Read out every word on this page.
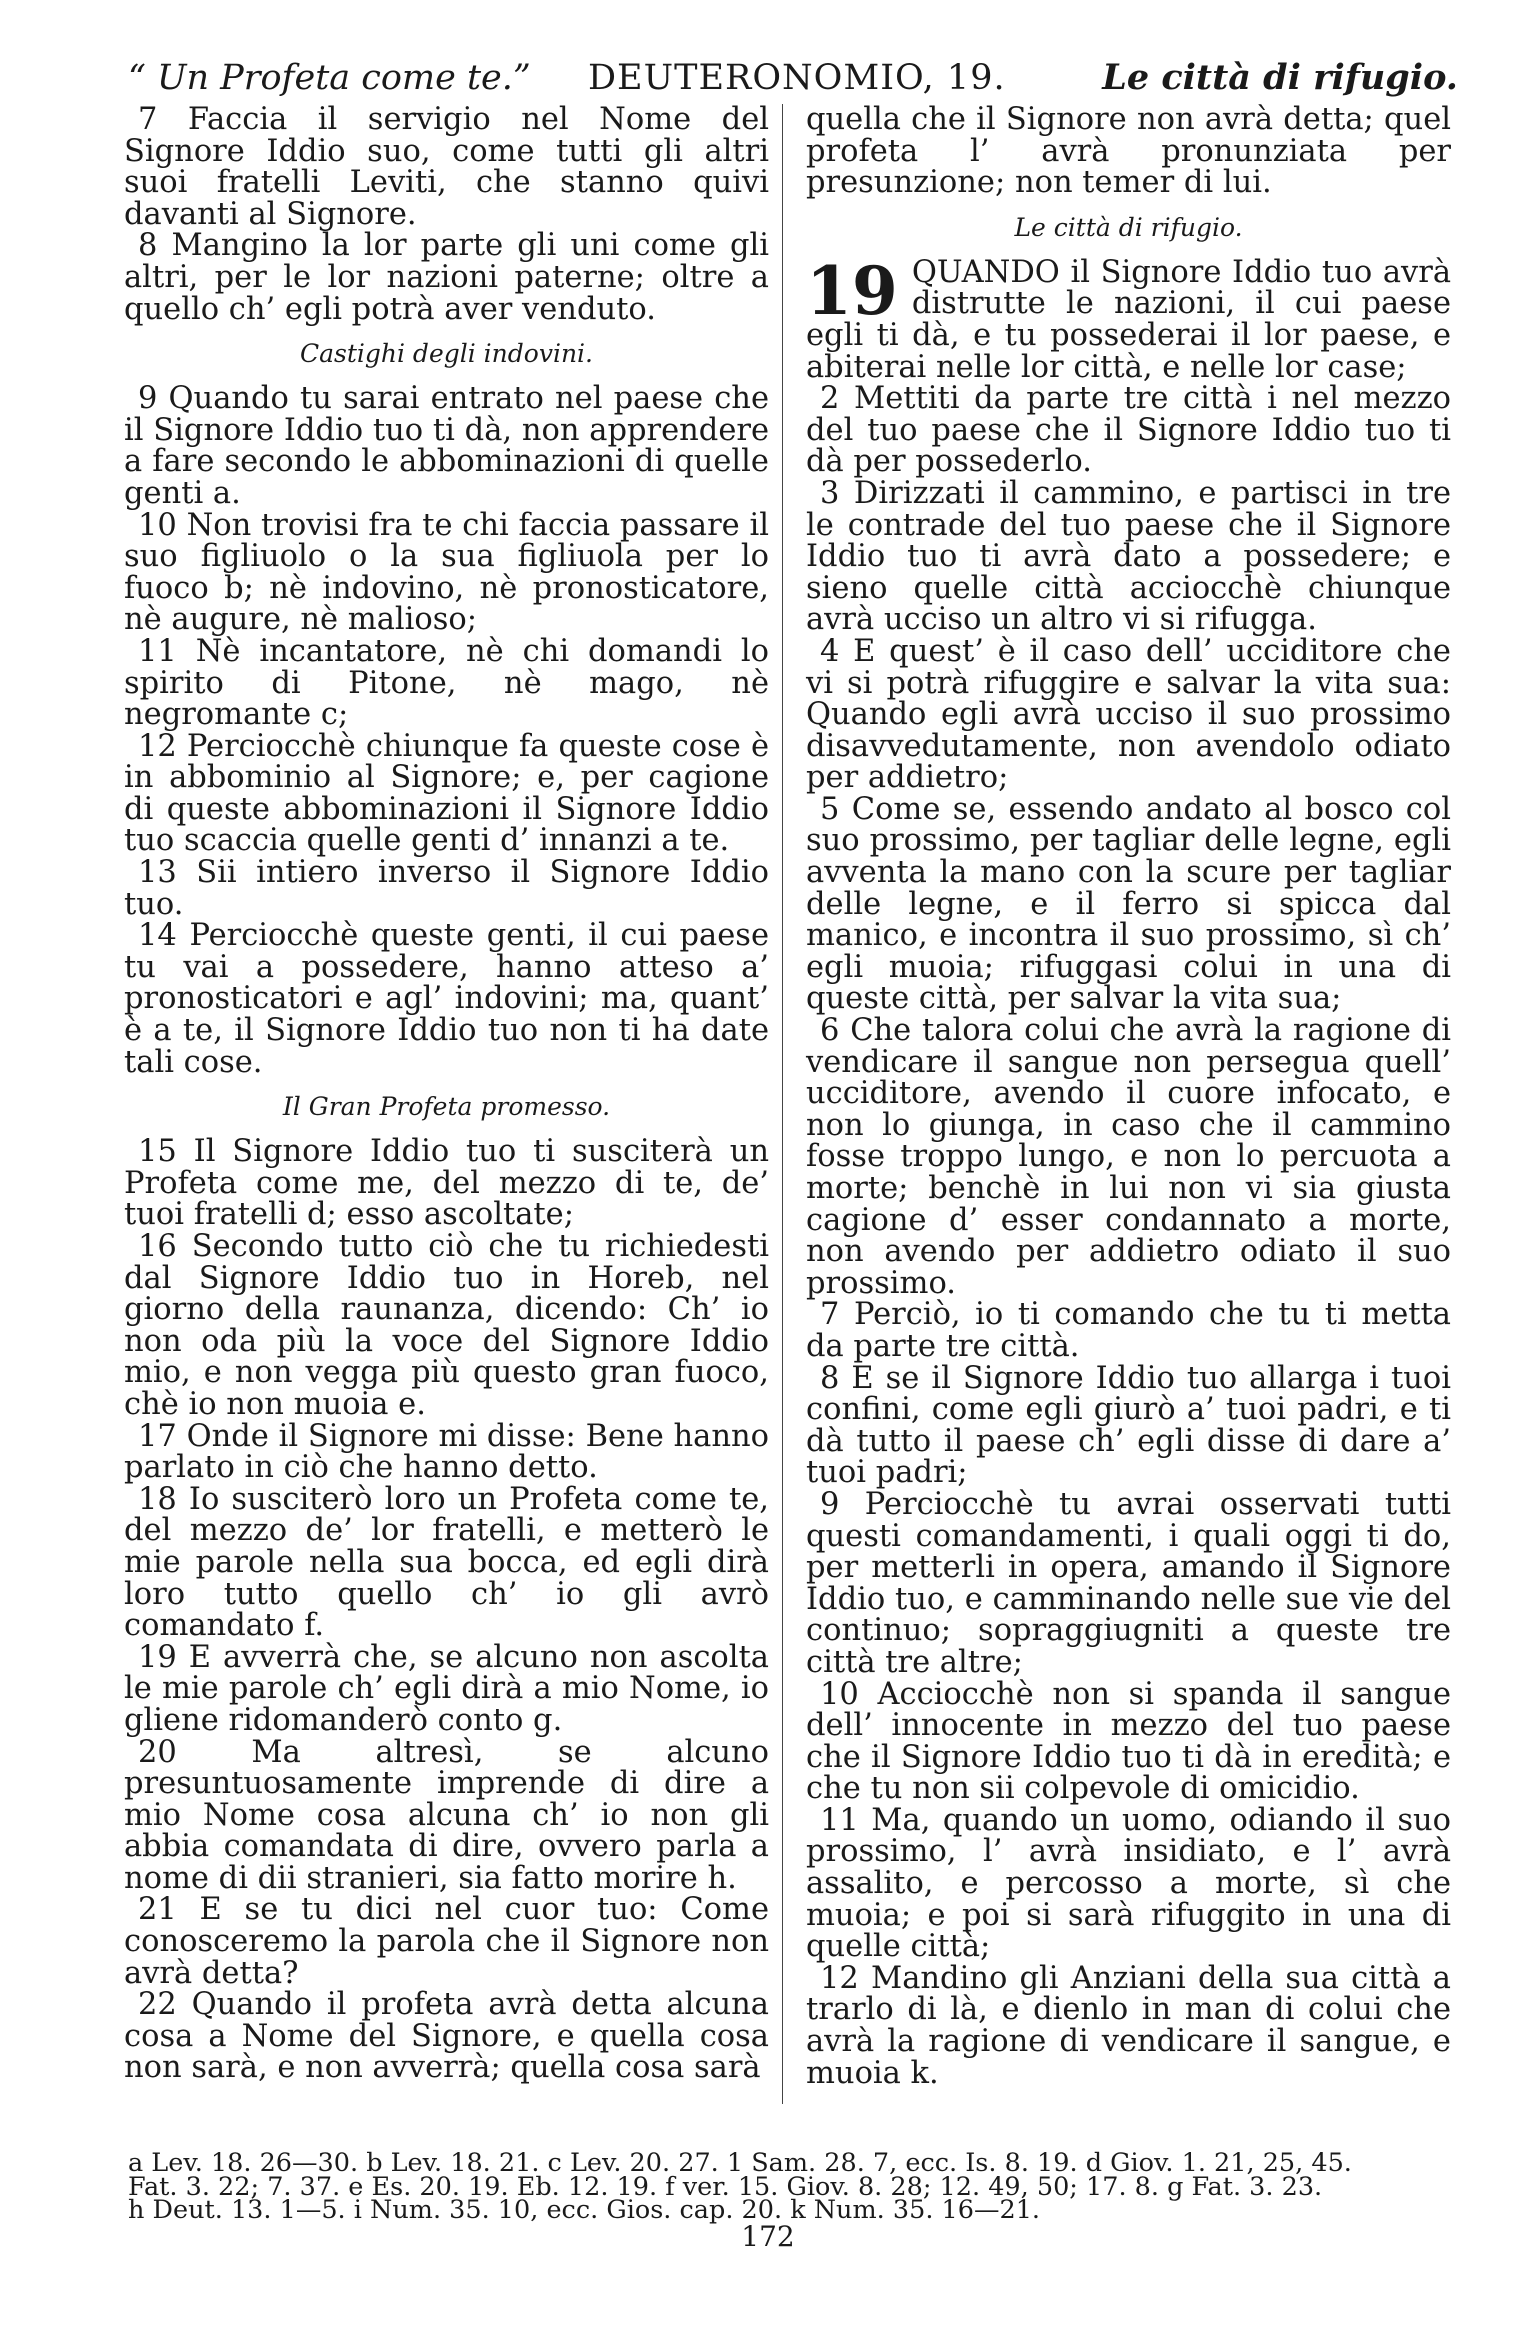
“ Un Profeta come te.” DEUTERONOMIO, 19.	Le città di rifugio.

7 Faccia il servigio nel Nome del Signore Iddio suo, come tutti gli altri suoi fratelli Leviti, che stanno quivi davanti al Signore.

8 Mangino la lor parte gli uni come gli altri, per le lor nazioni paterne; oltre a quello ch’ egli potrà aver venduto.

Castighi degli indovini.

9 Quando tu sarai entrato nel paese che il Signore Iddio tuo ti dà, non apprendere a fare secondo le abbominazioni di quelle genti a.

10 Non trovisi fra te chi faccia passare il suo figliuolo o la sua figliuola per lo fuoco b; nè indovino, nè pronosticatore, nè augure, nè malioso;

11 Nè incantatore, nè chi domandi lo spirito di Pitone, nè mago, nè negromante c;

12 Perciocchè chiunque fa queste cose è in abbominio al Signore; e, per cagione di queste abbominazioni il Signore Iddio tuo scaccia quelle genti d’ innanzi a te.

13 Sii intiero inverso il Signore Iddio tuo.

14 Perciocchè queste genti, il cui paese tu vai a possedere, hanno atteso a’ pronosticatori e agl’ indovini; ma, quant’ è a te, il Signore Iddio tuo non ti ha date tali cose.

Il Gran Profeta promesso.

15 Il Signore Iddio tuo ti susciterà un Profeta come me, del mezzo di te, de’ tuoi fratelli d; esso ascoltate;

16 Secondo tutto ciò che tu richiedesti dal Signore Iddio tuo in Horeb, nel giorno della raunanza, dicendo: Ch’ io non oda più la voce del Signore Iddio mio, e non vegga più questo gran fuoco, chè io non muoia e.

17 Onde il Signore mi disse: Bene hanno parlato in ciò che hanno detto.

18 Io susciterò loro un Profeta come te, del mezzo de’ lor fratelli, e metterò le mie parole nella sua bocca, ed egli dirà loro tutto quello ch’ io gli avrò comandato f.

19 E avverrà che, se alcuno non ascolta le mie parole ch’ egli dirà a mio Nome, io gliene ridomanderò conto g.

20 Ma altresì, se alcuno presuntuosamente imprende di dire a mio Nome cosa alcuna ch’ io non gli abbia comandata di dire, ovvero parla a nome di dii stranieri, sia fatto morire h.

21 E se tu dici nel cuor tuo: Come conosceremo la parola che il Signore non avrà detta?

22 Quando il profeta avrà detta alcuna cosa a Nome del Signore, e quella cosa non sarà, e non avverrà; quella cosa sarà

quella che il Signore non avrà detta; quel profeta l’ avrà pronunziata per presunzione; non temer di lui.

Le città di rifugio.

19 QUANDO il Signore Iddio tuo avrà distrutte le nazioni, il cui paese egli ti dà, e tu possederai il lor paese, e abiterai nelle lor città, e nelle lor case;

2 Mettiti da parte tre città i nel mezzo del tuo paese che il Signore Iddio tuo ti dà per possederlo.

3 Dirizzati il cammino, e partisci in tre le contrade del tuo paese che il Signore Iddio tuo ti avrà dato a possedere; e sieno quelle città acciocchè chiunque avrà ucciso un altro vi si rifugga.

4 E quest’ è il caso dell’ ucciditore che vi si potrà rifuggire e salvar la vita sua: Quando egli avrà ucciso il suo prossimo disavvedutamente, non avendolo odiato per addietro;

5 Come se, essendo andato al bosco col suo prossimo, per tagliar delle legne, egli avventa la mano con la scure per tagliar delle legne, e il ferro si spicca dal manico, e incontra il suo prossimo, sì ch’ egli muoia; rifuggasi colui in una di queste città, per salvar la vita sua;

6 Che talora colui che avrà la ragione di vendicare il sangue non persegua quell’ ucciditore, avendo il cuore infocato, e non lo giunga, in caso che il cammino fosse troppo lungo, e non lo percuota a morte; benchè in lui non vi sia giusta cagione d’ esser condannato a morte, non avendo per addietro odiato il suo prossimo.

7 Perciò, io ti comando che tu ti metta da parte tre città.

8 E se il Signore Iddio tuo allarga i tuoi confini, come egli giurò a’ tuoi padri, e ti dà tutto il paese ch’ egli disse di dare a’ tuoi padri;

9 Perciocchè tu avrai osservati tutti questi comandamenti, i quali oggi ti do, per metterli in opera, amando il Signore Iddio tuo, e camminando nelle sue vie del continuo; sopraggiugniti a queste tre città tre altre;

10 Acciocchè non si spanda il sangue dell’ innocente in mezzo del tuo paese che il Signore Iddio tuo ti dà in eredità; e che tu non sii colpevole di omicidio.

11 Ma, quando un uomo, odiando il suo prossimo, l’ avrà insidiato, e l’ avrà assalito, e percosso a morte, sì che muoia; e poi si sarà rifuggito in una di quelle città;

12 Mandino gli Anziani della sua città a trarlo di là, e dienlo in man di colui che avrà la ragione di vendicare il sangue, e muoia k.

a Lev. 18. 26—30. b Lev. 18. 21. c Lev. 20. 27. 1 Sam. 28. 7, ecc. Is. 8. 19. d Giov. 1. 21, 25, 45.

Fat. 3. 22; 7. 37. e Es. 20. 19. Eb. 12. 19. f ver. 15. Giov. 8. 28; 12. 49, 50; 17. 8. g Fat. 3. 23.

h Deut. 13. 1—5. i Num. 35. 10, ecc. Gios. cap. 20. k Num. 35. 16—21.

172
